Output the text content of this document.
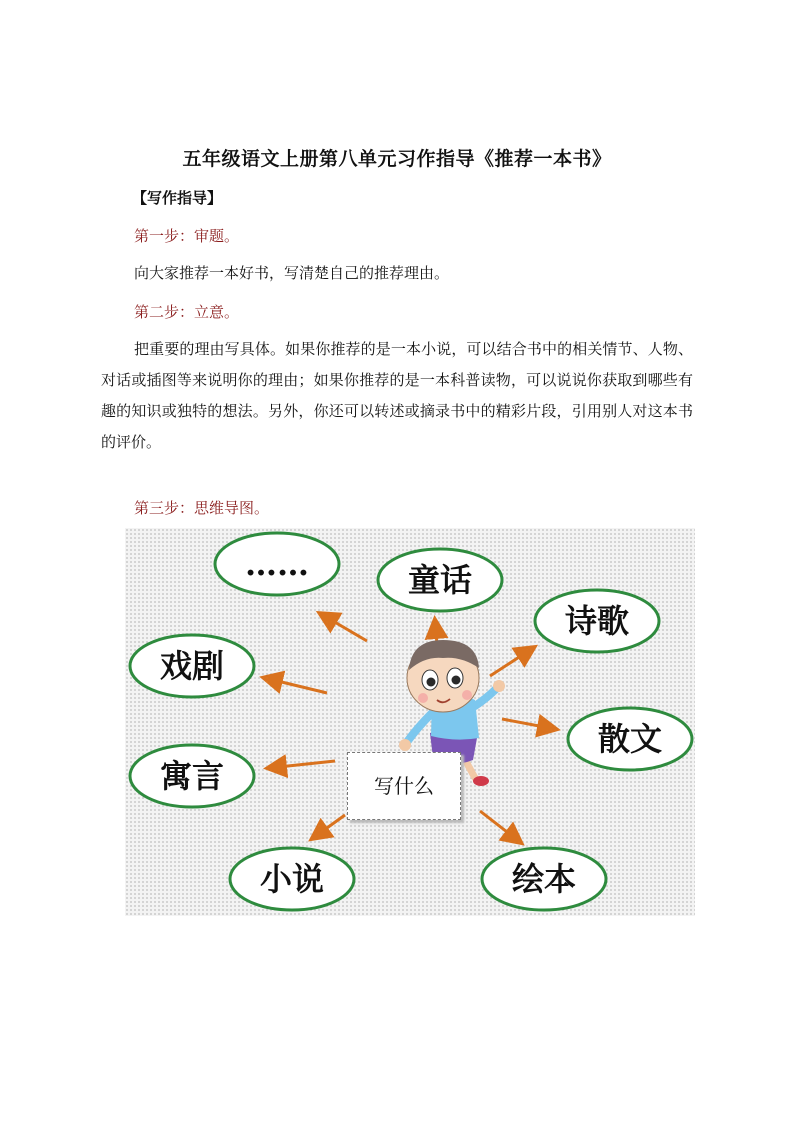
五年级语文上册第八单元习作指导《推荐一本书》
【写作指导】
第一步：审题。
向大家推荐一本好书，写清楚自己的推荐理由。
第二步：立意。
把重要的理由写具体。如果你推荐的是一本小说，可以结合书中的相关情节、人物、对话或插图等来说明你的理由；如果你推荐的是一本科普读物，可以说说你获取到哪些有趣的知识或独特的想法。另外，你还可以转述或摘录书中的精彩片段，引用别人对这本书的评价。
第三步：思维导图。
……	童话
诗歌
戏剧
散文
寓言
小说	绘本
写什么
